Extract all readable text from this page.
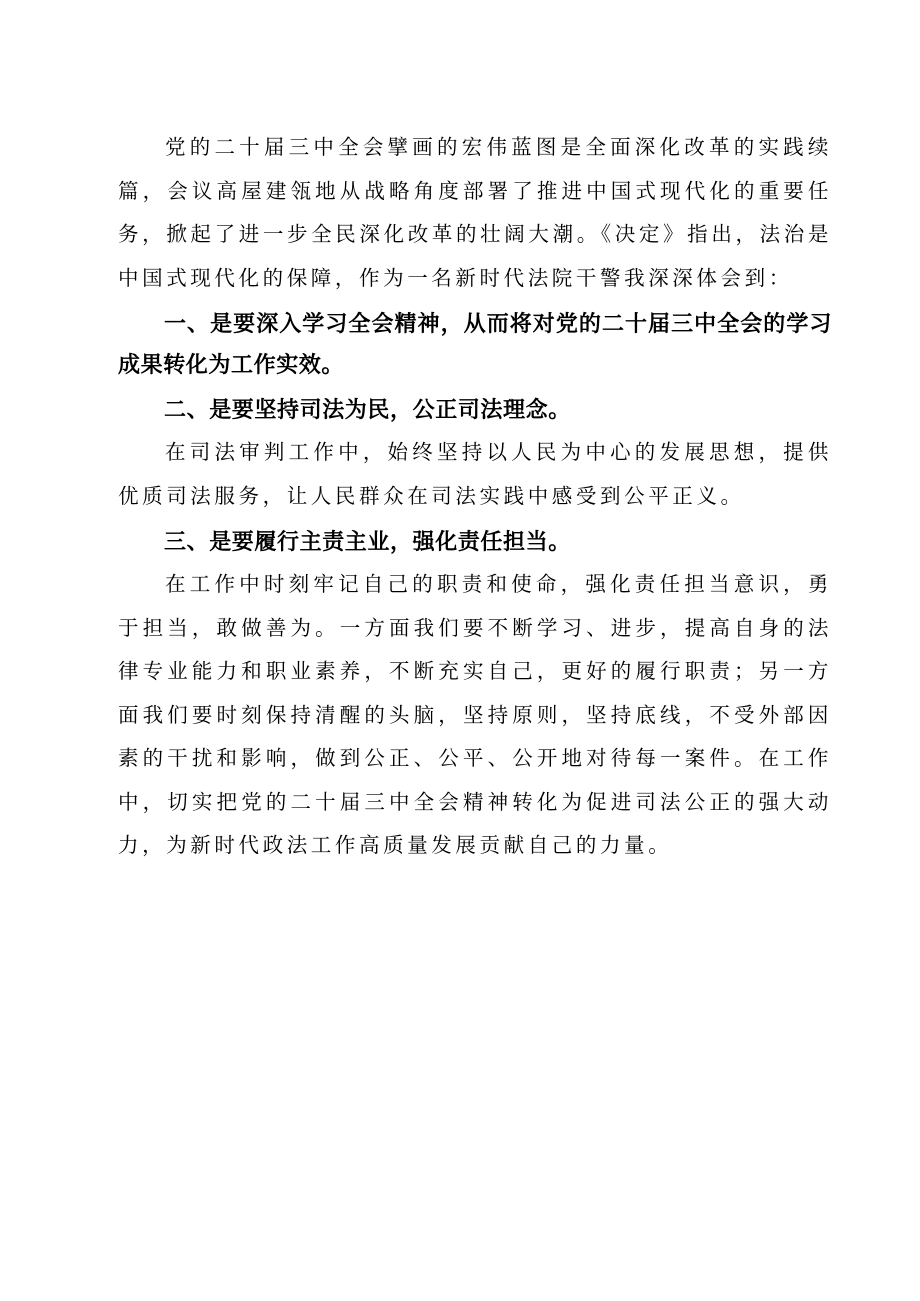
党的二十届三中全会擘画的宏伟蓝图是全面深化改革的实践续篇，会议高屋建瓴地从战略角度部署了推进中国式现代化的重要任务，掀起了进一步全民深化改革的壮阔大潮。《决定》指出，法治是中国式现代化的保障，作为一名新时代法院干警我深深体会到：

一、是要深入学习全会精神，从而将对党的二十届三中全会的学习成果转化为工作实效。

二、是要坚持司法为民，公正司法理念。

在司法审判工作中，始终坚持以人民为中心的发展思想，提供优质司法服务，让人民群众在司法实践中感受到公平正义。

三、是要履行主责主业，强化责任担当。

在工作中时刻牢记自己的职责和使命，强化责任担当意识，勇于担当，敢做善为。一方面我们要不断学习、进步，提高自身的法律专业能力和职业素养，不断充实自己，更好的履行职责；另一方面我们要时刻保持清醒的头脑，坚持原则，坚持底线，不受外部因素的干扰和影响，做到公正、公平、公开地对待每一案件。在工作中，切实把党的二十届三中全会精神转化为促进司法公正的强大动力，为新时代政法工作高质量发展贡献自己的力量。
